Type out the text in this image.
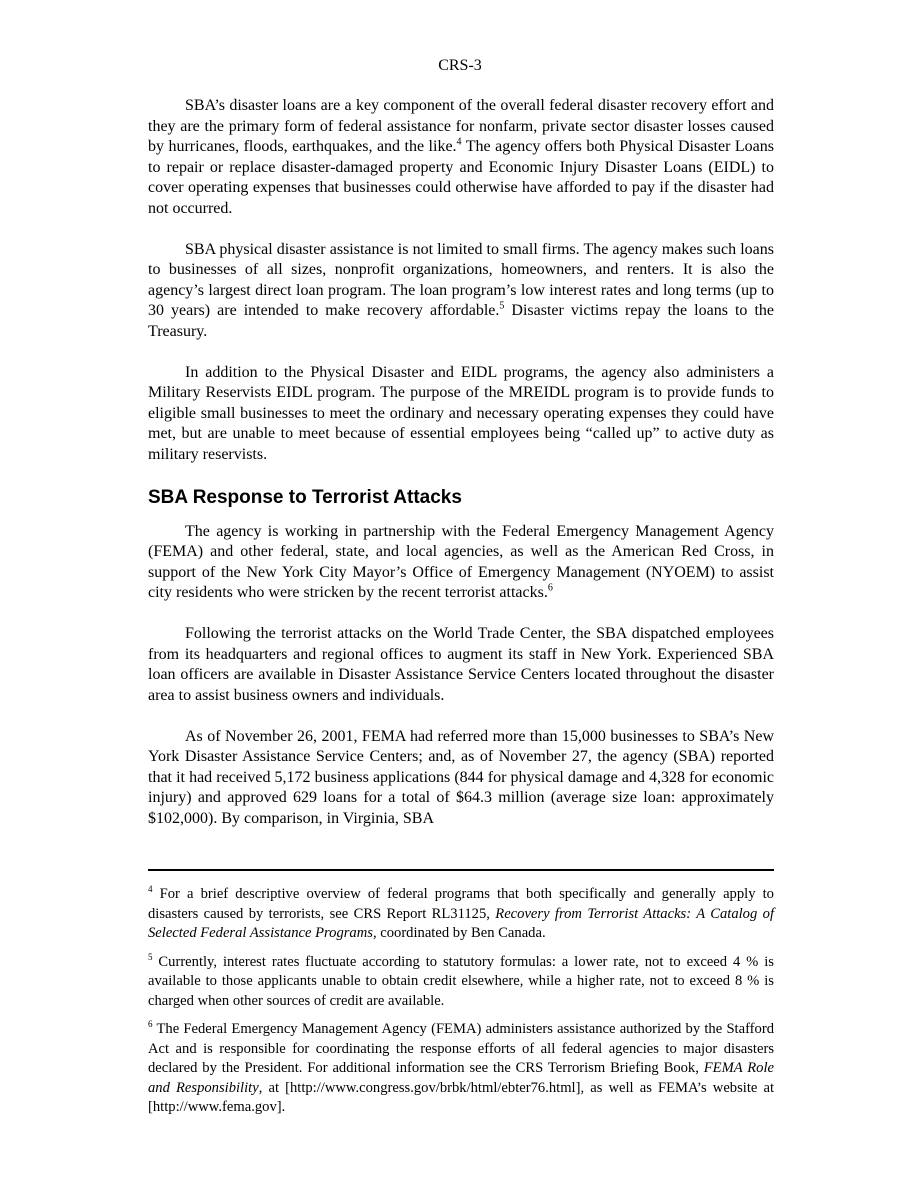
CRS-3

SBA’s disaster loans are a key component of the overall federal disaster recovery effort and they are the primary form of federal assistance for nonfarm, private sector disaster losses caused by hurricanes, floods, earthquakes, and the like.$^4$ The agency offers both Physical Disaster Loans to repair or replace disaster-damaged property and Economic Injury Disaster Loans (EIDL) to cover operating expenses that businesses could otherwise have afforded to pay if the disaster had not occurred.

SBA physical disaster assistance is not limited to small firms. The agency makes such loans to businesses of all sizes, nonprofit organizations, homeowners, and renters. It is also the agency’s largest direct loan program. The loan program’s low interest rates and long terms (up to 30 years) are intended to make recovery affordable.$^5$ Disaster victims repay the loans to the Treasury.

In addition to the Physical Disaster and EIDL programs, the agency also administers a Military Reservists EIDL program. The purpose of the MREIDL program is to provide funds to eligible small businesses to meet the ordinary and necessary operating expenses they could have met, but are unable to meet because of essential employees being “called up” to active duty as military reservists.

SBA Response to Terrorist Attacks

The agency is working in partnership with the Federal Emergency Management Agency (FEMA) and other federal, state, and local agencies, as well as the American Red Cross, in support of the New York City Mayor’s Office of Emergency Management (NYOEM) to assist city residents who were stricken by the recent terrorist attacks.$^6$

Following the terrorist attacks on the World Trade Center, the SBA dispatched employees from its headquarters and regional offices to augment its staff in New York. Experienced SBA loan officers are available in Disaster Assistance Service Centers located throughout the disaster area to assist business owners and individuals.

As of November 26, 2001, FEMA had referred more than 15,000 businesses to SBA’s New York Disaster Assistance Service Centers; and, as of November 27, the agency (SBA) reported that it had received 5,172 business applications (844 for physical damage and 4,328 for economic injury) and approved 629 loans for a total of $64.3 million (average size loan: approximately $102,000). By comparison, in Virginia, SBA

$^4$ For a brief descriptive overview of federal programs that both specifically and generally apply to disasters caused by terrorists, see CRS Report RL31125, Recovery from Terrorist Attacks: A Catalog of Selected Federal Assistance Programs, coordinated by Ben Canada.
$^5$ Currently, interest rates fluctuate according to statutory formulas: a lower rate, not to exceed 4 % is available to those applicants unable to obtain credit elsewhere, while a higher rate, not to exceed 8 % is charged when other sources of credit are available.
$^6$ The Federal Emergency Management Agency (FEMA) administers assistance authorized by the Stafford Act and is responsible for coordinating the response efforts of all federal agencies to major disasters declared by the President. For additional information see the CRS Terrorism Briefing Book, FEMA Role and Responsibility, at [http://www.congress.gov/brbk/html/ebter76.html], as well as FEMA’s website at [http://www.fema.gov].
